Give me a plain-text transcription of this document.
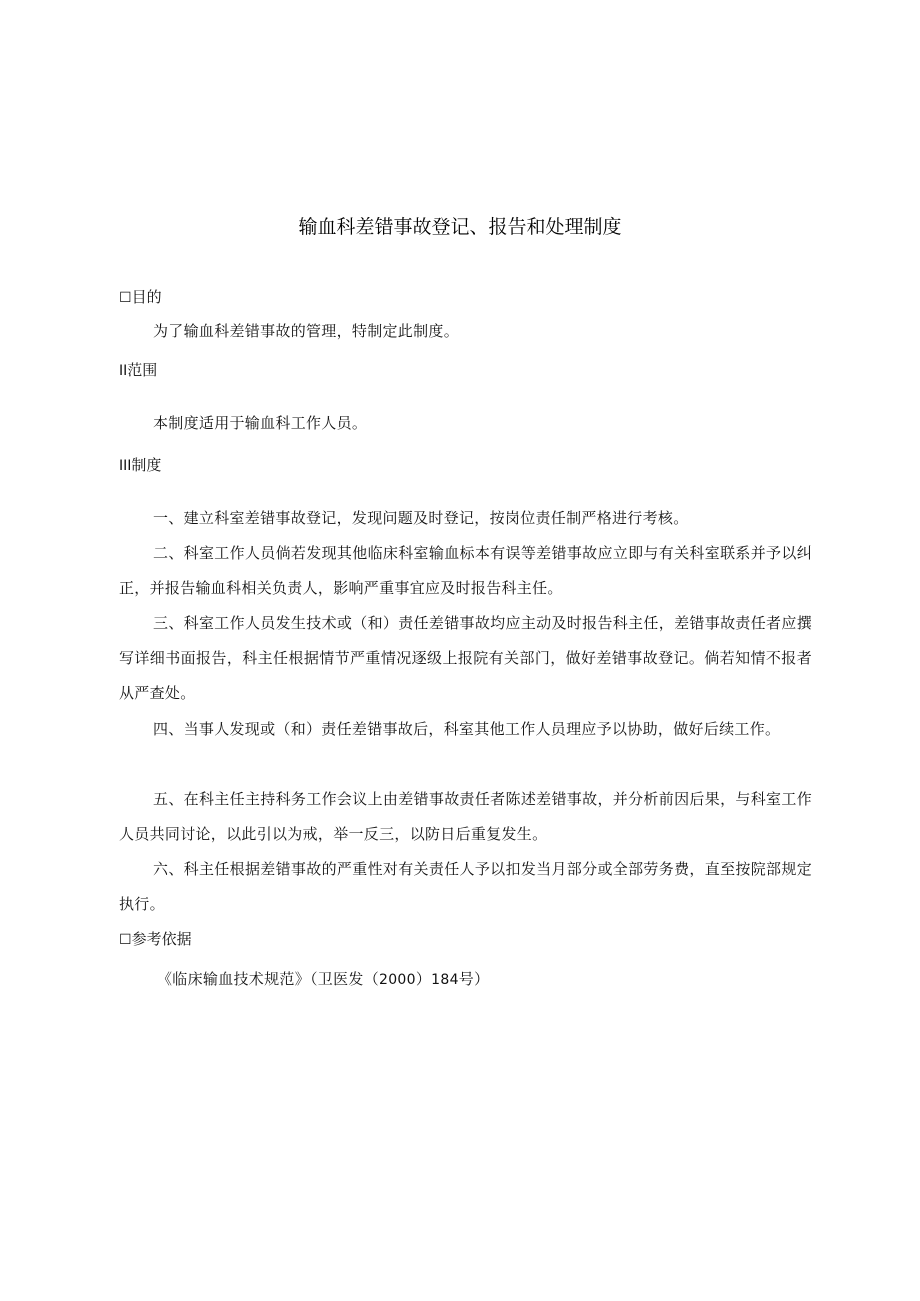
输血科差错事故登记、报告和处理制度
☐目的

为了输血科差错事故的管理，特制定此制度。

II范围

本制度适用于输血科工作人员。

III制度

一、建立科室差错事故登记，发现问题及时登记，按岗位责任制严格进行考核。

二、科室工作人员倘若发现其他临床科室输血标本有误等差错事故应立即与有关科室联系并予以纠正，并报告输血科相关负责人，影响严重事宜应及时报告科主任。

三、科室工作人员发生技术或（和）责任差错事故均应主动及时报告科主任，差错事故责任者应撰写详细书面报告，科主任根据情节严重情况逐级上报院有关部门，做好差错事故登记。倘若知情不报者从严查处。

四、当事人发现或（和）责任差错事故后，科室其他工作人员理应予以协助，做好后续工作。

五、在科主任主持科务工作会议上由差错事故责任者陈述差错事故，并分析前因后果，与科室工作人员共同讨论，以此引以为戒，举一反三，以防日后重复发生。

六、科主任根据差错事故的严重性对有关责任人予以扣发当月部分或全部劳务费，直至按院部规定执行。

☐参考依据

《临床输血技术规范》（卫医发（2000）184号）
